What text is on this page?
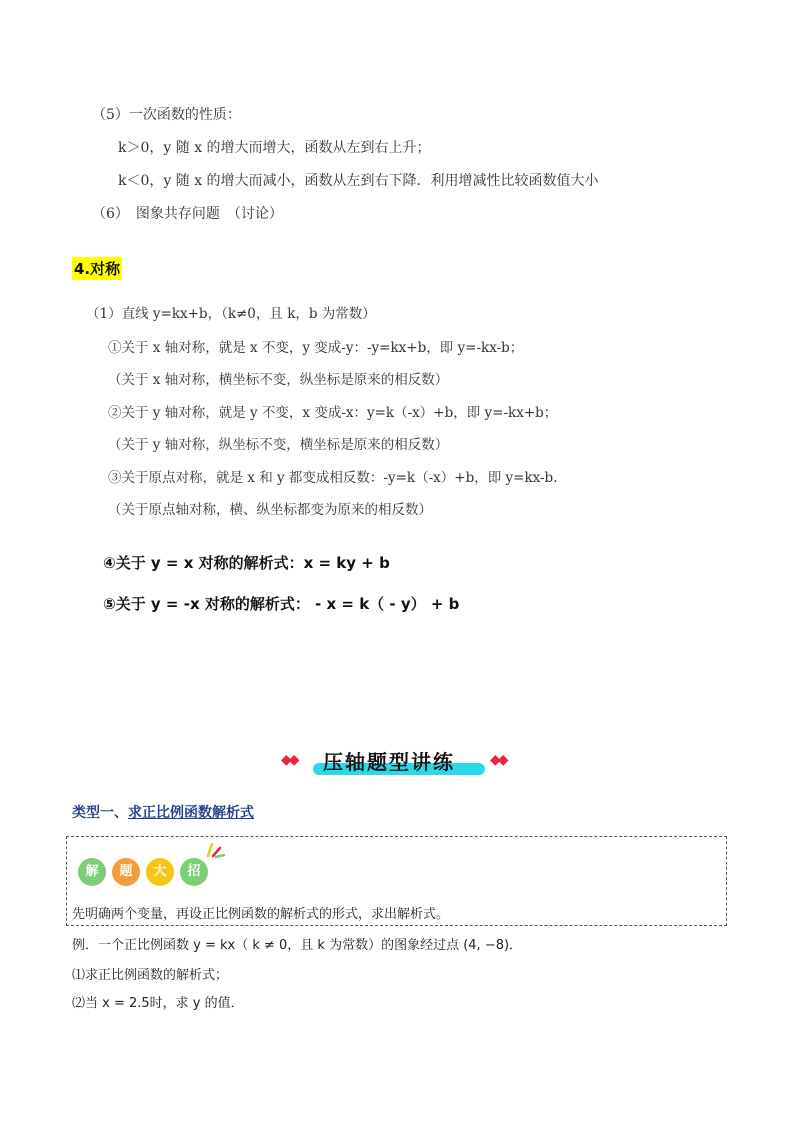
（5）一次函数的性质：
k＞0，y 随 x 的增大而增大，函数从左到右上升；
k＜0，y 随 x 的增大而减小，函数从左到右下降．利用增减性比较函数值大小
（6）　图象共存问题　（讨论）
4.对称
（1）直线 y=kx+b，（k≠0，且 k，b 为常数）
①关于 x 轴对称，就是 x 不变，y 变成-y：-y=kx+b，即 y=-kx-b；
（关于 x 轴对称，横坐标不变，纵坐标是原来的相反数）
②关于 y 轴对称，就是 y 不变，x 变成-x：y=k（-x）+b，即 y=-kx+b；
（关于 y 轴对称，纵坐标不变，横坐标是原来的相反数）
③关于原点对称，就是 x 和 y 都变成相反数：-y=k（-x）+b，即 y=kx-b.
（关于原点轴对称，横、纵坐标都变为原来的相反数）
④关于 y = x 对称的解析式：x = ky + b
⑤关于 y = -x 对称的解析式： - x = k（ - y） + b
◆◆ 压轴题型讲练	◆◆
类型一、求正比例函数解析式
解	题	大	招
先明确两个变量，再设正比例函数的解析式的形式，求出解析式。
例．一个正比例函数 y = kx（ k ≠ 0，且 k 为常数）的图象经过点 (4, −8)．
⑴求正比例函数的解析式；
⑵当 x = 2.5时，求 y 的值．
